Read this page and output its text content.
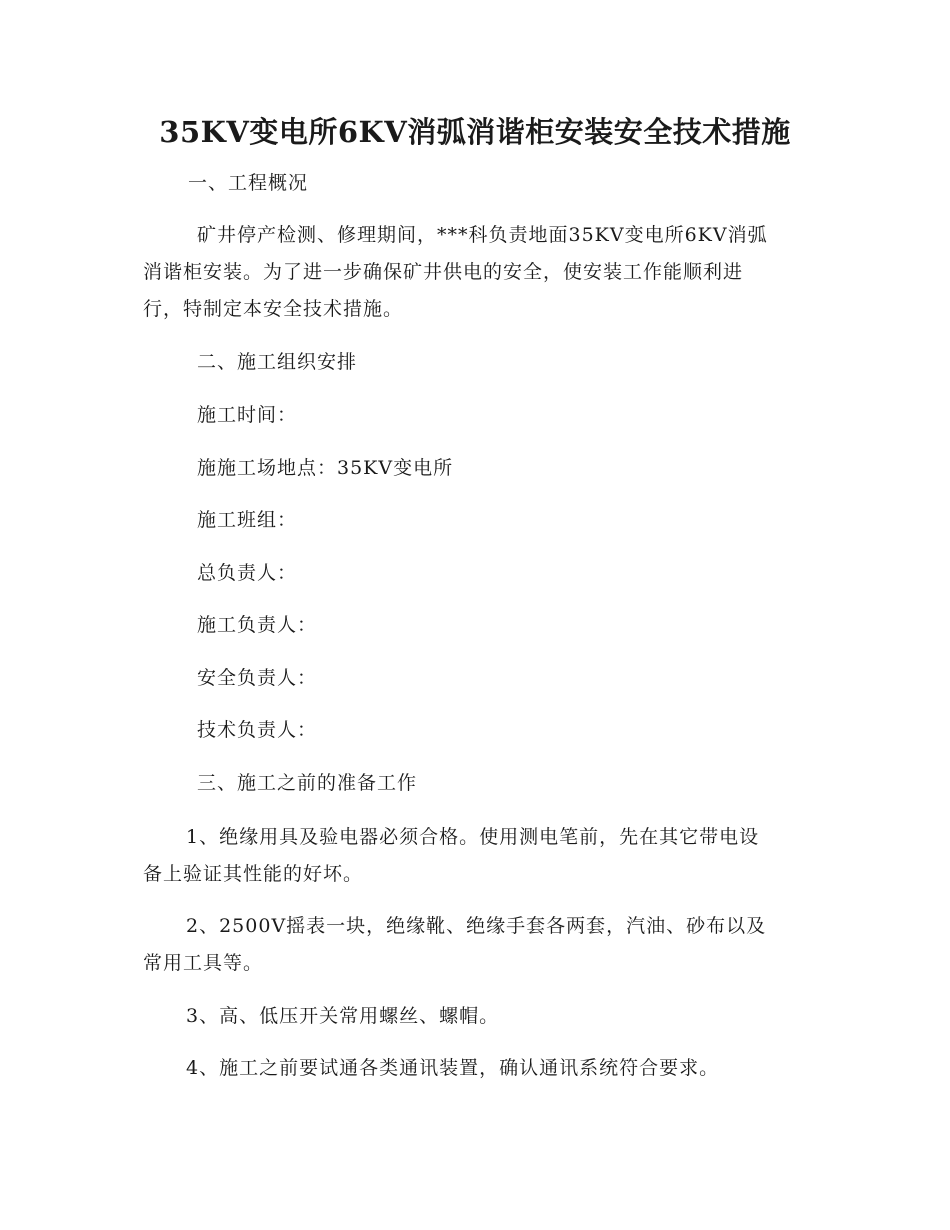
35KV变电所6KV消弧消谐柜安装安全技术措施
一、工程概况
矿井停产检测、修理期间，***科负责地面35KV变电所6KV消弧
消谐柜安装。为了进一步确保矿井供电的安全，使安装工作能顺利进
行，特制定本安全技术措施。
二、施工组织安排
施工时间：
施施工场地点：35KV变电所
施工班组：
总负责人：
施工负责人：
安全负责人：
技术负责人：
三、施工之前的准备工作
1、绝缘用具及验电器必须合格。使用测电笔前，先在其它带电设
备上验证其性能的好坏。
2、2500V摇表一块，绝缘靴、绝缘手套各两套，汽油、砂布以及
常用工具等。
3、高、低压开关常用螺丝、螺帽。
4、施工之前要试通各类通讯装置，确认通讯系统符合要求。
